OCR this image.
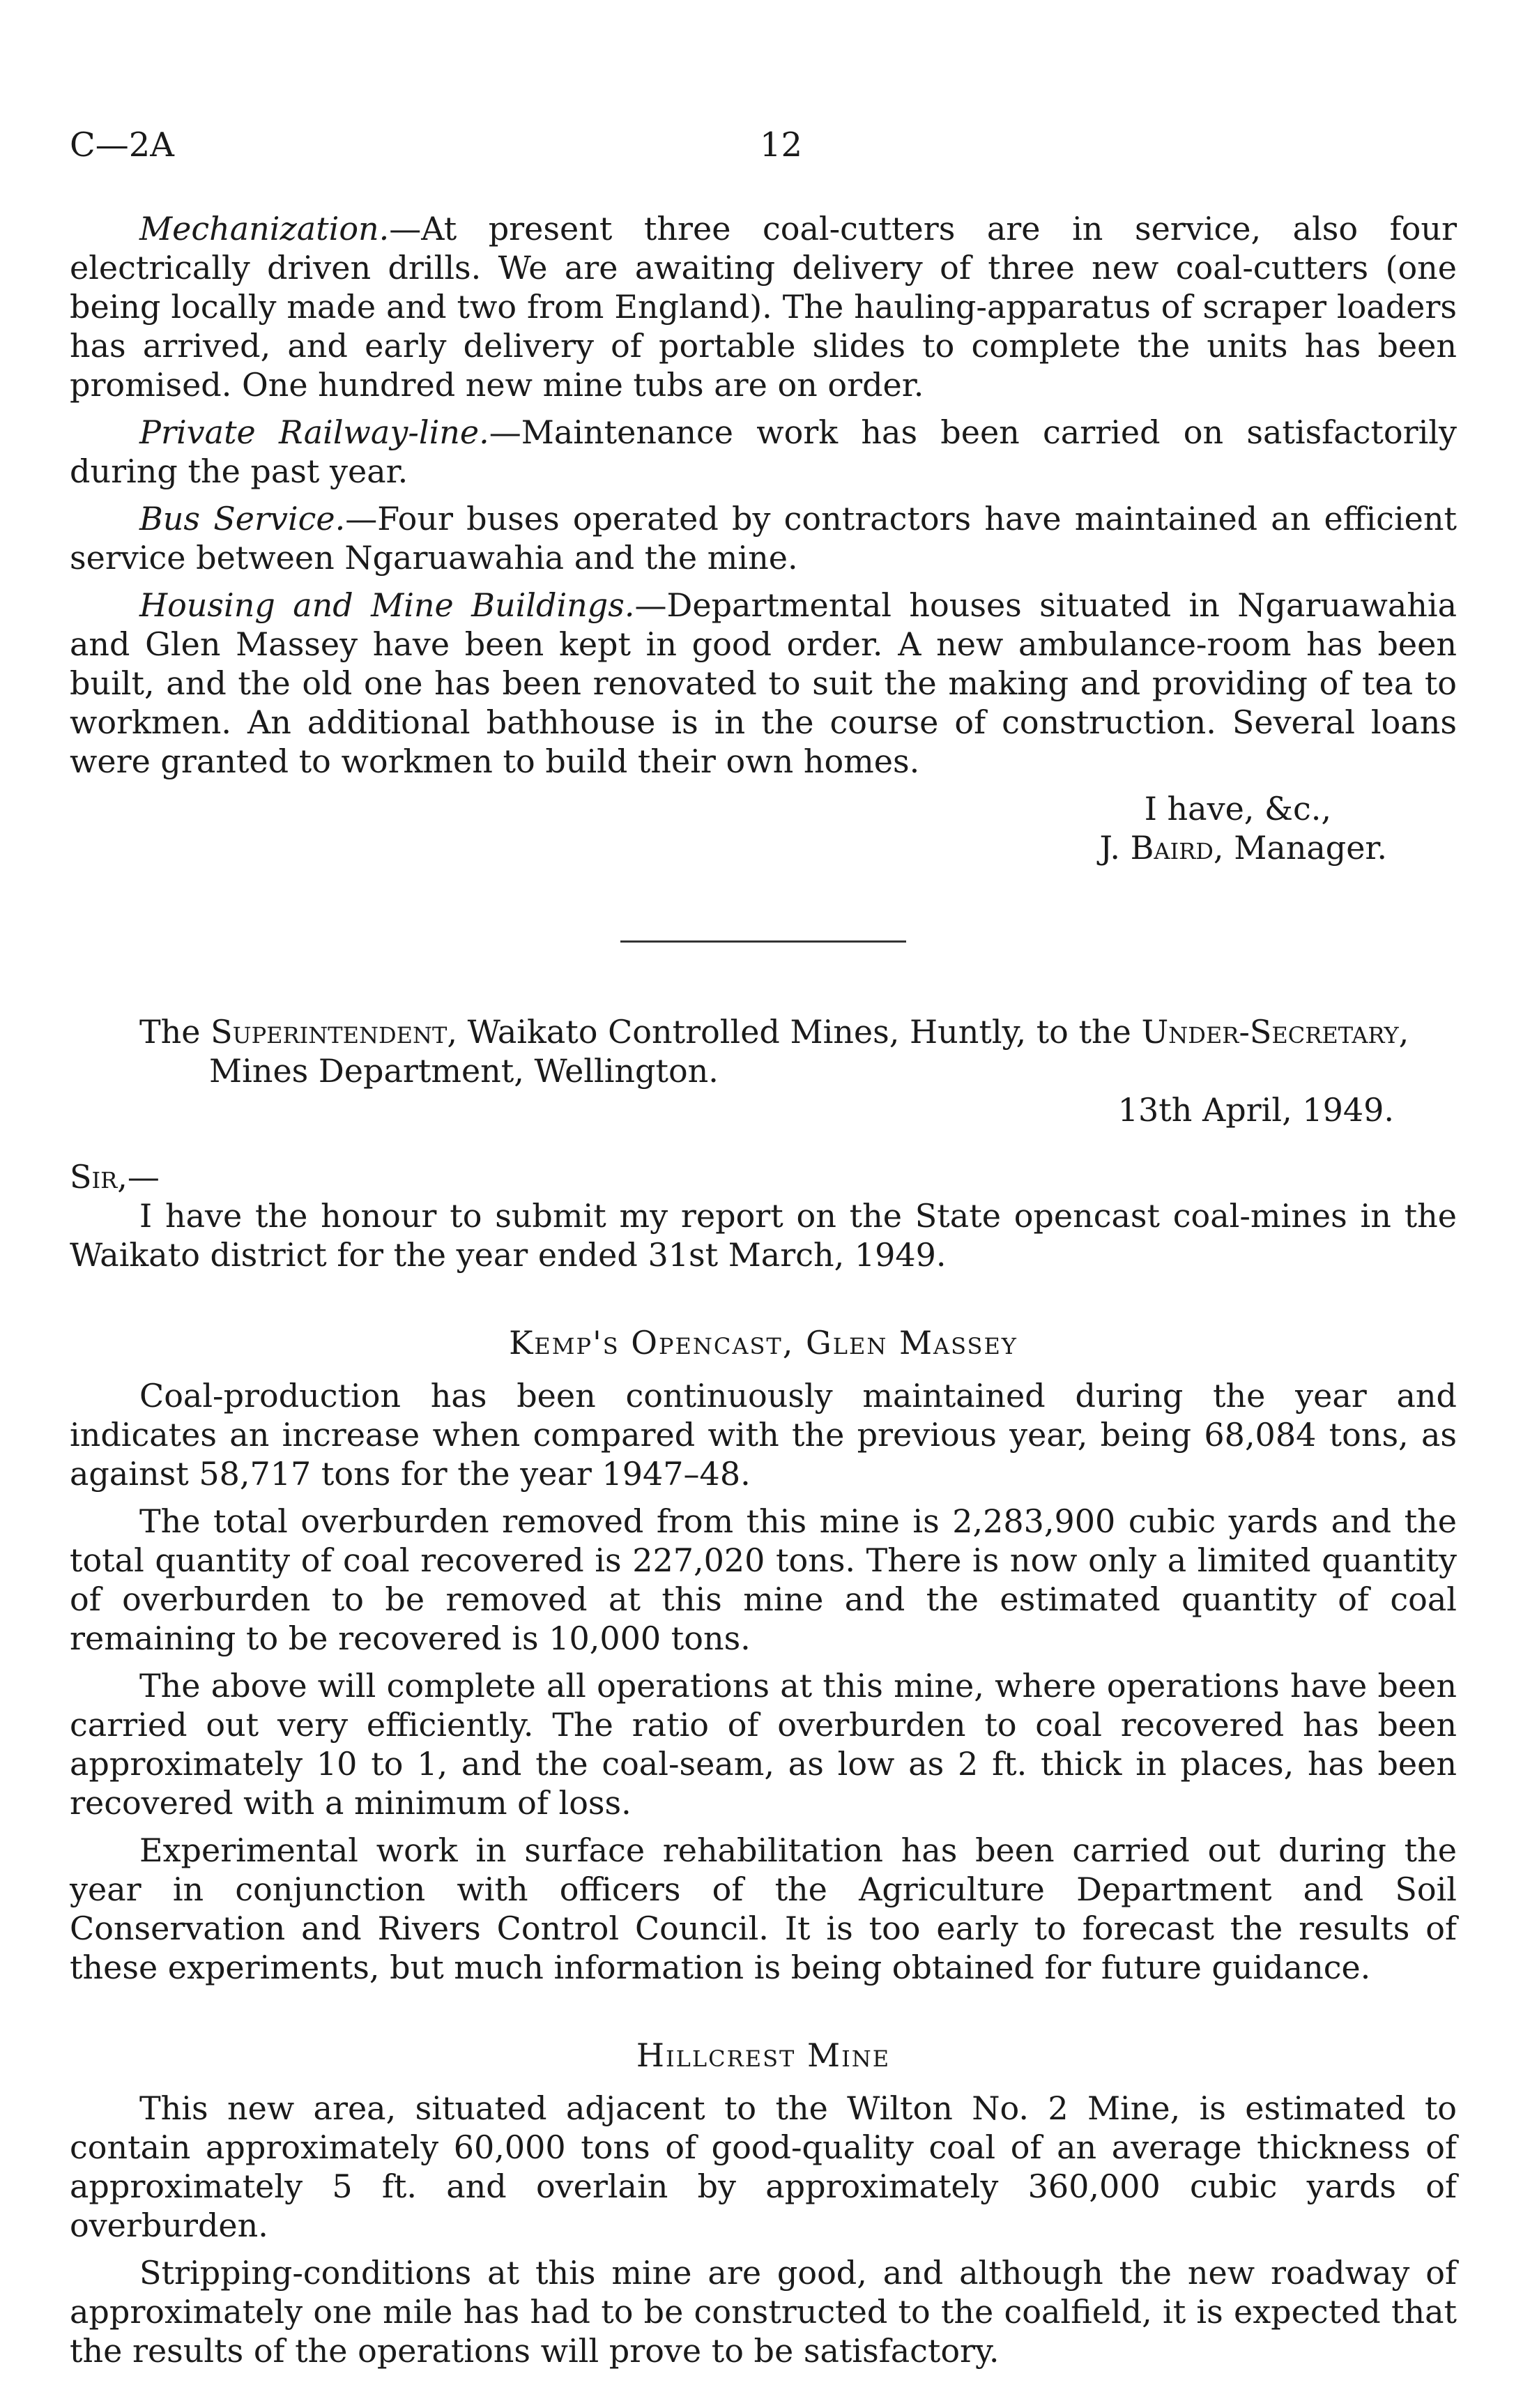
C—2A	12

Mechanization.—At present three coal-cutters are in service, also four electrically driven drills. We are awaiting delivery of three new coal-cutters (one being locally made and two from England). The hauling-apparatus of scraper loaders has arrived, and early delivery of portable slides to complete the units has been promised. One hundred new mine tubs are on order.

Private Railway-line.—Maintenance work has been carried on satisfactorily during the past year.

Bus Service.—Four buses operated by contractors have maintained an efficient service between Ngaruawahia and the mine.

Housing and Mine Buildings.—Departmental houses situated in Ngaruawahia and Glen Massey have been kept in good order. A new ambulance-room has been built, and the old one has been renovated to suit the making and providing of tea to workmen. An additional bathhouse is in the course of construction. Several loans were granted to workmen to build their own homes.

I have, &c.,
J. Baird, Manager.
The Superintendent, Waikato Controlled Mines, Huntly, to the Under-Secretary,
Mines Department, Wellington.
13th April, 1949.
Sir,—

I have the honour to submit my report on the State opencast coal-mines in the Waikato district for the year ended 31st March, 1949.

Kemp's Opencast, Glen Massey

Coal-production has been continuously maintained during the year and indicates an increase when compared with the previous year, being 68,084 tons, as against 58,717 tons for the year 1947–48.

The total overburden removed from this mine is 2,283,900 cubic yards and the total quantity of coal recovered is 227,020 tons. There is now only a limited quantity of overburden to be removed at this mine and the estimated quantity of coal remaining to be recovered is 10,000 tons.

The above will complete all operations at this mine, where operations have been carried out very efficiently. The ratio of overburden to coal recovered has been approximately 10 to 1, and the coal-seam, as low as 2 ft. thick in places, has been recovered with a minimum of loss.

Experimental work in surface rehabilitation has been carried out during the year in conjunction with officers of the Agriculture Department and Soil Conservation and Rivers Control Council. It is too early to forecast the results of these experiments, but much information is being obtained for future guidance.

Hillcrest Mine

This new area, situated adjacent to the Wilton No. 2 Mine, is estimated to contain approximately 60,000 tons of good-quality coal of an average thickness of approximately 5 ft. and overlain by approximately 360,000 cubic yards of overburden.

Stripping-conditions at this mine are good, and although the new roadway of approximately one mile has had to be constructed to the coalfield, it is expected that the results of the operations will prove to be satisfactory.
